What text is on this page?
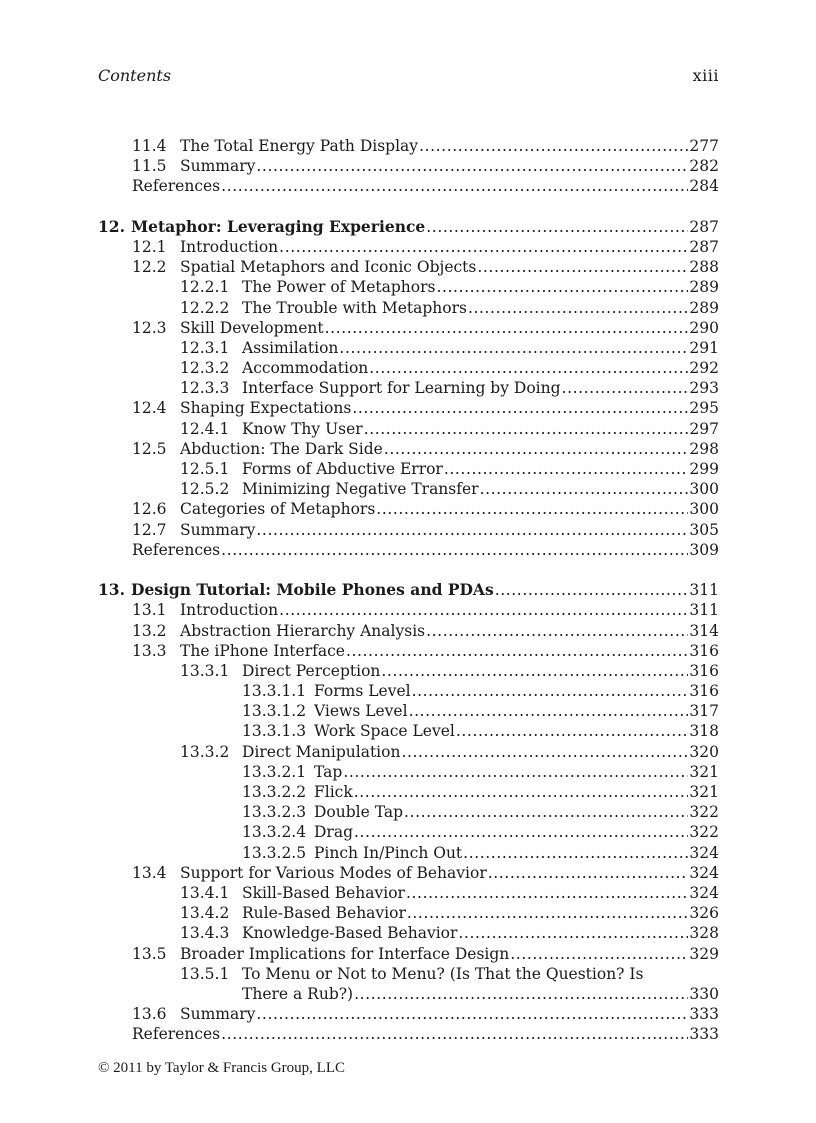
Contents	xiii
11.4 The Total Energy Path Display .....	277
11.5 Summary .....	282
References .....	284
12. Metaphor: Leveraging Experience .....	287
12.1 Introduction .....	287
12.2 Spatial Metaphors and Iconic Objects .....	288
12.2.1 The Power of Metaphors .....	289
12.2.2 The Trouble with Metaphors .....	289
12.3 Skill Development .....	290
12.3.1 Assimilation .....	291
12.3.2 Accommodation .....	292
12.3.3 Interface Support for Learning by Doing .....	293
12.4 Shaping Expectations .....	295
12.4.1 Know Thy User .....	297
12.5 Abduction: The Dark Side .....	298
12.5.1 Forms of Abductive Error .....	299
12.5.2 Minimizing Negative Transfer .....	300
12.6 Categories of Metaphors .....	300
12.7 Summary .....	305
References .....	309
13. Design Tutorial: Mobile Phones and PDAs .....	311
13.1 Introduction .....	311
13.2 Abstraction Hierarchy Analysis .....	314
13.3 The iPhone Interface .....	316
13.3.1 Direct Perception .....	316
13.3.1.1 Forms Level .....	316
13.3.1.2 Views Level .....	317
13.3.1.3 Work Space Level .....	318
13.3.2 Direct Manipulation .....	320
13.3.2.1 Tap .....	321
13.3.2.2 Flick .....	321
13.3.2.3 Double Tap .....	322
13.3.2.4 Drag .....	322
13.3.2.5 Pinch In/Pinch Out .....	324
13.4 Support for Various Modes of Behavior .....	324
13.4.1 Skill-Based Behavior .....	324
13.4.2 Rule-Based Behavior .....	326
13.4.3 Knowledge-Based Behavior .....	328
13.5 Broader Implications for Interface Design .....	329
13.5.1 To Menu or Not to Menu? (Is That the Question? Is
There a Rub?) .....	330
13.6 Summary .....	333
References .....	333
© 2011 by Taylor & Francis Group, LLC
